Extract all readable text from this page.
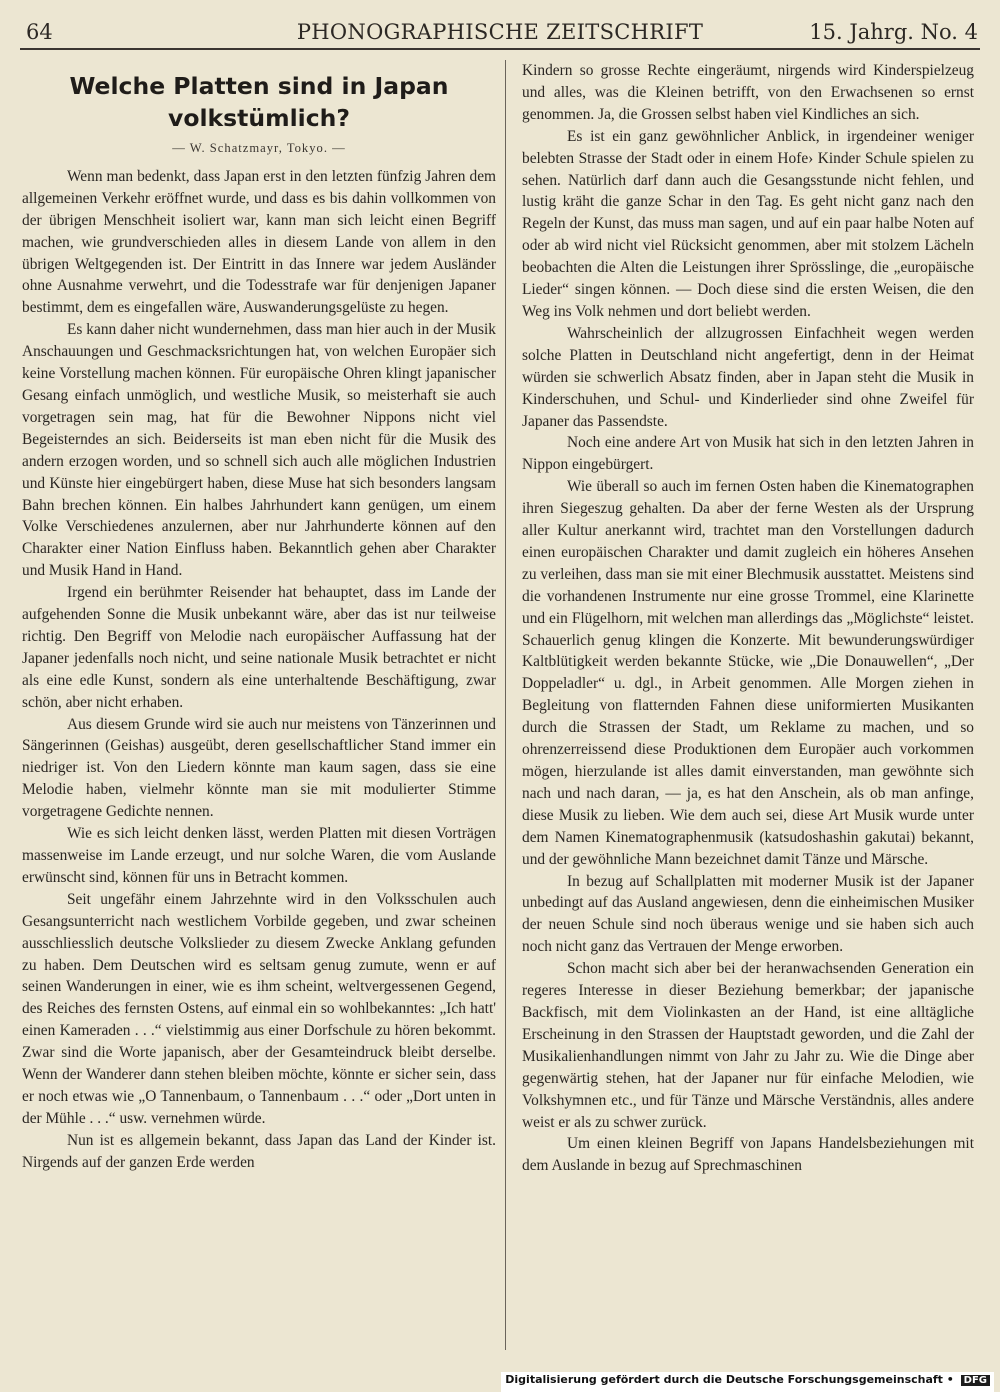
64	PHONOGRAPHISCHE ZEITSCHRIFT	15. Jahrg. No. 4
Welche Platten sind in Japan
volkstümlich?
— W. Schatzmayr, Tokyo. —

Wenn man bedenkt, dass Japan erst in den letzten fünfzig Jahren dem allgemeinen Verkehr eröffnet wurde, und dass es bis dahin vollkommen von der übrigen Menschheit isoliert war, kann man sich leicht einen Begriff machen, wie grundverschieden alles in diesem Lande von allem in den übrigen Weltgegenden ist. Der Eintritt in das Innere war jedem Ausländer ohne Ausnahme verwehrt, und die Todesstrafe war für denjenigen Japaner bestimmt, dem es eingefallen wäre, Auswanderungsgelüste zu hegen.

Es kann daher nicht wundernehmen, dass man hier auch in der Musik Anschauungen und Geschmacksrichtungen hat, von welchen Europäer sich keine Vorstellung machen können. Für europäische Ohren klingt japanischer Gesang einfach unmöglich, und westliche Musik, so meisterhaft sie auch vorgetragen sein mag, hat für die Bewohner Nippons nicht viel Begeisterndes an sich. Beiderseits ist man eben nicht für die Musik des andern erzogen worden, und so schnell sich auch alle möglichen Industrien und Künste hier eingebürgert haben, diese Muse hat sich besonders langsam Bahn brechen können. Ein halbes Jahrhundert kann genügen, um einem Volke Verschiedenes anzulernen, aber nur Jahrhunderte können auf den Charakter einer Nation Einfluss haben. Bekanntlich gehen aber Charakter und Musik Hand in Hand.

Irgend ein berühmter Reisender hat behauptet, dass im Lande der aufgehenden Sonne die Musik unbekannt wäre, aber das ist nur teilweise richtig. Den Begriff von Melodie nach europäischer Auffassung hat der Japaner jedenfalls noch nicht, und seine nationale Musik betrachtet er nicht als eine edle Kunst, sondern als eine unterhaltende Beschäftigung, zwar schön, aber nicht erhaben.

Aus diesem Grunde wird sie auch nur meistens von Tänzerinnen und Sängerinnen (Geishas) ausgeübt, deren gesellschaftlicher Stand immer ein niedriger ist. Von den Liedern könnte man kaum sagen, dass sie eine Melodie haben, vielmehr könnte man sie mit modulierter Stimme vorgetragene Gedichte nennen.

Wie es sich leicht denken lässt, werden Platten mit diesen Vorträgen massenweise im Lande erzeugt, und nur solche Waren, die vom Auslande erwünscht sind, können für uns in Betracht kommen.

Seit ungefähr einem Jahrzehnte wird in den Volksschulen auch Gesangsunterricht nach westlichem Vorbilde gegeben, und zwar scheinen ausschliesslich deutsche Volkslieder zu diesem Zwecke Anklang gefunden zu haben. Dem Deutschen wird es seltsam genug zumute, wenn er auf seinen Wanderungen in einer, wie es ihm scheint, weltvergessenen Gegend, des Reiches des fernsten Ostens, auf einmal ein so wohlbekanntes: „Ich hatt' einen Kameraden . . .“ vielstimmig aus einer Dorfschule zu hören bekommt. Zwar sind die Worte japanisch, aber der Gesamteindruck bleibt derselbe. Wenn der Wanderer dann stehen bleiben möchte, könnte er sicher sein, dass er noch etwas wie „O Tannenbaum, o Tannenbaum . . .“ oder „Dort unten in der Mühle . . .“ usw. vernehmen würde.

Nun ist es allgemein bekannt, dass Japan das Land der Kinder ist. Nirgends auf der ganzen Erde werden

Kindern so grosse Rechte eingeräumt, nirgends wird Kinderspielzeug und alles, was die Kleinen betrifft, von den Erwachsenen so ernst genommen. Ja, die Grossen selbst haben viel Kindliches an sich.

Es ist ein ganz gewöhnlicher Anblick, in irgendeiner weniger belebten Strasse der Stadt oder in einem Hofe› Kinder Schule spielen zu sehen. Natürlich darf dann auch die Gesangsstunde nicht fehlen, und lustig kräht die ganze Schar in den Tag. Es geht nicht ganz nach den Regeln der Kunst, das muss man sagen, und auf ein paar halbe Noten auf oder ab wird nicht viel Rücksicht genommen, aber mit stolzem Lächeln beobachten die Alten die Leistungen ihrer Sprösslinge, die „europäische Lieder“ singen können. — Doch diese sind die ersten Weisen, die den Weg ins Volk nehmen und dort beliebt werden.

Wahrscheinlich der allzugrossen Einfachheit wegen werden solche Platten in Deutschland nicht angefertigt, denn in der Heimat würden sie schwerlich Absatz finden, aber in Japan steht die Musik in Kinderschuhen, und Schul- und Kinderlieder sind ohne Zweifel für Japaner das Passendste.

Noch eine andere Art von Musik hat sich in den letzten Jahren in Nippon eingebürgert.

Wie überall so auch im fernen Osten haben die Kinematographen ihren Siegeszug gehalten. Da aber der ferne Westen als der Ursprung aller Kultur anerkannt wird, trachtet man den Vorstellungen dadurch einen europäischen Charakter und damit zugleich ein höheres Ansehen zu verleihen, dass man sie mit einer Blechmusik ausstattet. Meistens sind die vorhandenen Instrumente nur eine grosse Trommel, eine Klarinette und ein Flügelhorn, mit welchen man allerdings das „Möglichste“ leistet. Schauerlich genug klingen die Konzerte. Mit bewunderungswürdiger Kaltblütigkeit werden bekannte Stücke, wie „Die Donauwellen“, „Der Doppeladler“ u. dgl., in Arbeit genommen. Alle Morgen ziehen in Begleitung von flatternden Fahnen diese uniformierten Musikanten durch die Strassen der Stadt, um Reklame zu machen, und so ohrenzerreissend diese Produktionen dem Europäer auch vorkommen mögen, hierzulande ist alles damit einverstanden, man gewöhnte sich nach und nach daran, — ja, es hat den Anschein, als ob man anfinge, diese Musik zu lieben. Wie dem auch sei, diese Art Musik wurde unter dem Namen Kinematographenmusik (katsudoshashin gakutai) bekannt, und der gewöhnliche Mann bezeichnet damit Tänze und Märsche.

In bezug auf Schallplatten mit moderner Musik ist der Japaner unbedingt auf das Ausland angewiesen, denn die einheimischen Musiker der neuen Schule sind noch überaus wenige und sie haben sich auch noch nicht ganz das Vertrauen der Menge erworben.

Schon macht sich aber bei der heranwachsenden Generation ein regeres Interesse in dieser Beziehung bemerkbar; der japanische Backfisch, mit dem Violinkasten an der Hand, ist eine alltägliche Erscheinung in den Strassen der Hauptstadt geworden, und die Zahl der Musikalienhandlungen nimmt von Jahr zu Jahr zu. Wie die Dinge aber gegenwärtig stehen, hat der Japaner nur für einfache Melodien, wie Volkshymnen etc., und für Tänze und Märsche Verständnis, alles andere weist er als zu schwer zurück.

Um einen kleinen Begriff von Japans Handelsbeziehungen mit dem Auslande in bezug auf Sprechmaschinen

Digitalisierung gefördert durch die Deutsche Forschungsgemeinschaft • DFG
